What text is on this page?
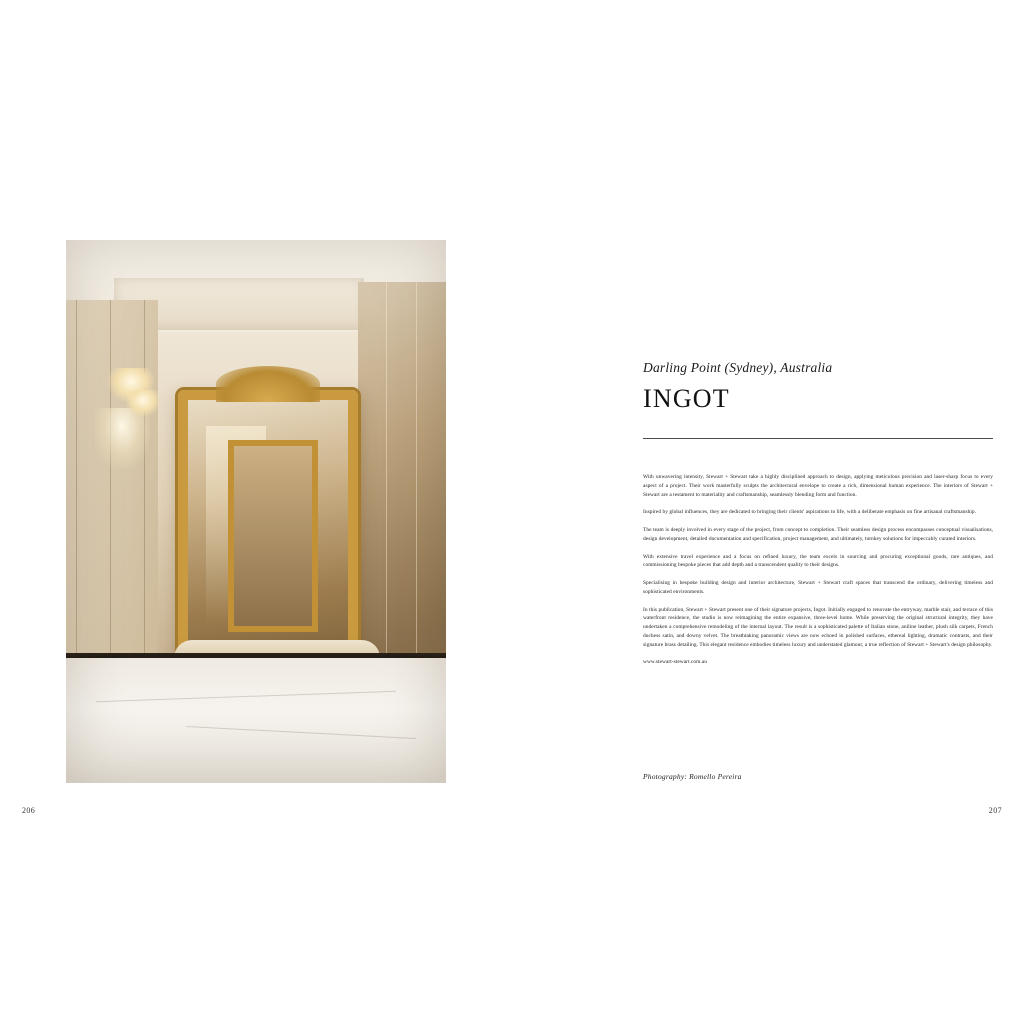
206
Darling Point (Sydney), Australia
INGOT

With unwavering intensity, Stewart + Stewart take a highly disciplined approach to design, applying meticulous precision and laser-sharp focus to every aspect of a project. Their work masterfully sculpts the architectural envelope to create a rich, dimensional human experience. The interiors of Stewart + Stewart are a testament to materiality and craftsmanship, seamlessly blending form and function.

Inspired by global influences, they are dedicated to bringing their clients' aspirations to life, with a deliberate emphasis on fine artisanal craftsmanship.

The team is deeply involved in every stage of the project, from concept to completion. Their seamless design process encompasses conceptual visualisations, design development, detailed documentation and specification, project management, and ultimately, turnkey solutions for impeccably curated interiors.

With extensive travel experience and a focus on refined luxury, the team excels in sourcing and procuring exceptional goods, rare antiques, and commissioning bespoke pieces that add depth and a transcendent quality to their designs.

Specialising in bespoke building design and interior architecture, Stewart + Stewart craft spaces that transcend the ordinary, delivering timeless and sophisticated environments.

In this publication, Stewart + Stewart present one of their signature projects, Ingot. Initially engaged to renovate the entryway, marble stair, and terrace of this waterfront residence, the studio is now reimagining the entire expansive, three-level home. While preserving the original structural integrity, they have undertaken a comprehensive remodeling of the internal layout. The result is a sophisticated palette of Italian stone, aniline leather, plush silk carpets, French duchess satin, and downy velvet. The breathtaking panoramic views are now echoed in polished surfaces, ethereal lighting, dramatic contrasts, and their signature brass detailing. This elegant residence embodies timeless luxury and understated glamour, a true reflection of Stewart + Stewart's design philosophy.

www.stewart-stewart.com.au

Photography: Romello Pereira
207
